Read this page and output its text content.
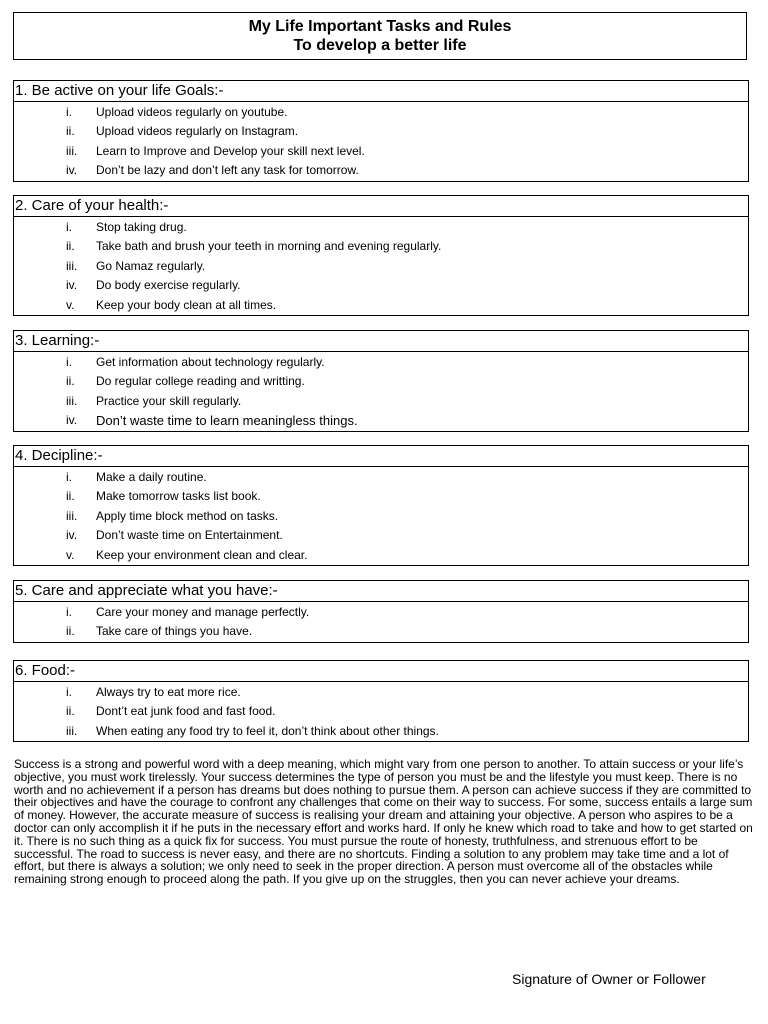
My Life Important Tasks and Rules
To develop a better life
1. Be active on your life Goals:-
i. Upload videos regularly on youtube.
ii. Upload videos regularly on Instagram.
iii. Learn to Improve and Develop your skill next level.
iv. Don’t be lazy and don’t left any task for tomorrow.
2. Care of your health:-
i. Stop taking drug.
ii. Take bath and brush your teeth in morning and evening regularly.
iii. Go Namaz regularly.
iv. Do body exercise regularly.
v. Keep your body clean at all times.
3. Learning:-
i. Get information about technology regularly.
ii. Do regular college reading and writting.
iii. Practice your skill regularly.
iv. Don’t waste time to learn meaningless things.
4. Decipline:-
i. Make a daily routine.
ii. Make tomorrow tasks list book.
iii. Apply time block method on tasks.
iv. Don’t waste time on Entertainment.
v. Keep your environment clean and clear.
5. Care and appreciate what you have:-
i. Care your money and manage perfectly.
ii. Take care of things you have.
6. Food:-
i. Always try to eat more rice.
ii. Dont’t eat junk food and fast food.
iii. When eating any food try to feel it, don’t think about other things.
Success is a strong and powerful word with a deep meaning, which might vary from one person to another. To attain success or your life’s objective, you must work tirelessly. Your success determines the type of person you must be and the lifestyle you must keep. There is no worth and no achievement if a person has dreams but does nothing to pursue them. A person can achieve success if they are committed to their objectives and have the courage to confront any challenges that come on their way to success. For some, success entails a large sum of money. However, the accurate measure of success is realising your dream and attaining your objective. A person who aspires to be a doctor can only accomplish it if he puts in the necessary effort and works hard. If only he knew which road to take and how to get started on it. There is no such thing as a quick fix for success. You must pursue the route of honesty, truthfulness, and strenuous effort to be successful. The road to success is never easy, and there are no shortcuts. Finding a solution to any problem may take time and a lot of effort, but there is always a solution; we only need to seek in the proper direction. A person must overcome all of the obstacles while remaining strong enough to proceed along the path. If you give up on the struggles, then you can never achieve your dreams.
Signature of Owner or Follower
